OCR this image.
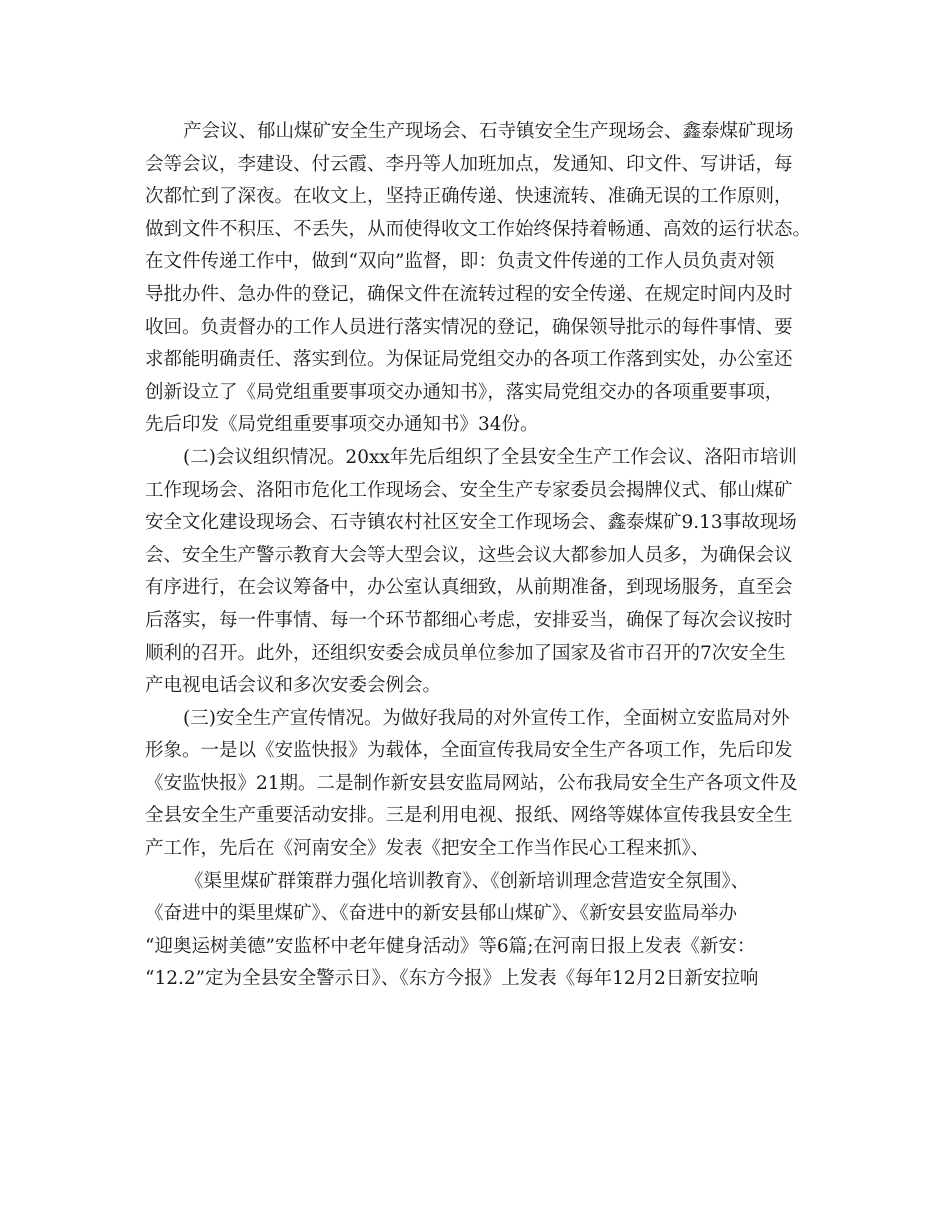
产会议、郁山煤矿安全生产现场会、石寺镇安全生产现场会、鑫泰煤矿现场
会等会议，李建设、付云霞、李丹等人加班加点，发通知、印文件、写讲话，每
次都忙到了深夜。在收文上，坚持正确传递、快速流转、准确无误的工作原则，
做到文件不积压、不丢失，从而使得收文工作始终保持着畅通、高效的运行状态。
在文件传递工作中，做到“双向”监督，即：负责文件传递的工作人员负责对领
导批办件、急办件的登记，确保文件在流转过程的安全传递、在规定时间内及时
收回。负责督办的工作人员进行落实情况的登记，确保领导批示的每件事情、要
求都能明确责任、落实到位。为保证局党组交办的各项工作落到实处，办公室还
创新设立了《局党组重要事项交办通知书》，落实局党组交办的各项重要事项，
先后印发《局党组重要事项交办通知书》34份。
(二)会议组织情况。20xx年先后组织了全县安全生产工作会议、洛阳市培训
工作现场会、洛阳市危化工作现场会、安全生产专家委员会揭牌仪式、郁山煤矿
安全文化建设现场会、石寺镇农村社区安全工作现场会、鑫泰煤矿9.13事故现场
会、安全生产警示教育大会等大型会议，这些会议大都参加人员多，为确保会议
有序进行，在会议筹备中，办公室认真细致，从前期准备，到现场服务，直至会
后落实，每一件事情、每一个环节都细心考虑，安排妥当，确保了每次会议按时
顺利的召开。此外，还组织安委会成员单位参加了国家及省市召开的7次安全生
产电视电话会议和多次安委会例会。
(三)安全生产宣传情况。为做好我局的对外宣传工作，全面树立安监局对外
形象。一是以《安监快报》为载体，全面宣传我局安全生产各项工作，先后印发
《安监快报》21期。二是制作新安县安监局网站，公布我局安全生产各项文件及
全县安全生产重要活动安排。三是利用电视、报纸、网络等媒体宣传我县安全生
产工作，先后在《河南安全》发表《把安全工作当作民心工程来抓》、
《渠里煤矿群策群力强化培训教育》、《创新培训理念营造安全氛围》、
《奋进中的渠里煤矿》、《奋进中的新安县郁山煤矿》、《新安县安监局举办
“迎奥运树美德”安监杯中老年健身活动》等6篇;在河南日报上发表《新安：
“12.2”定为全县安全警示日》、《东方今报》上发表《每年12月2日新安拉响
